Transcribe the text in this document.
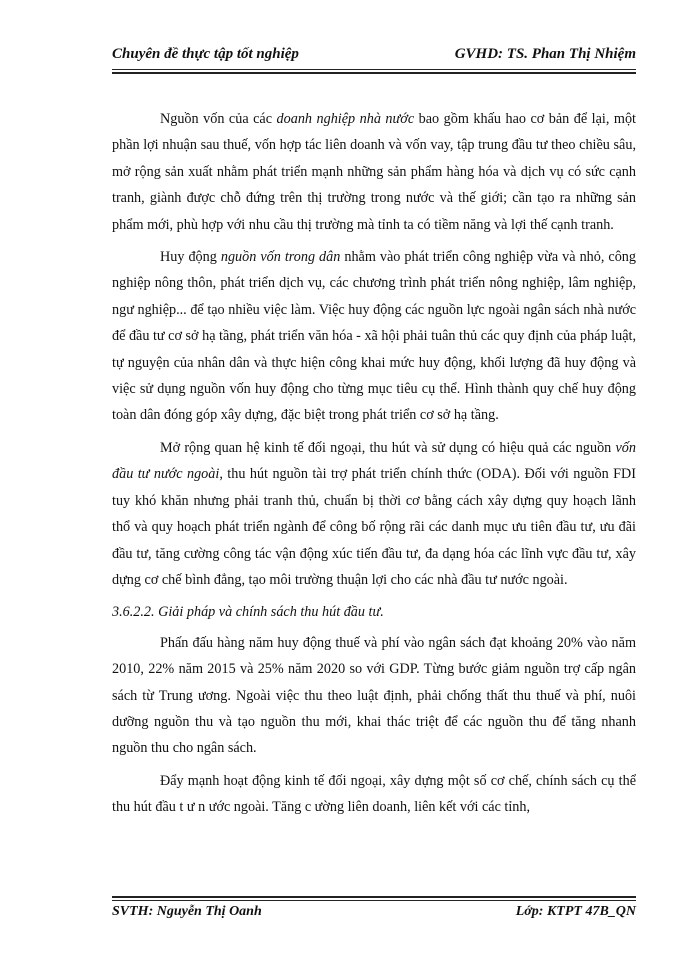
Chuyên đề thực tập tốt nghiệp	GVHD: TS. Phan Thị Nhiệm

Nguồn vốn của các doanh nghiệp nhà nước bao gồm khấu hao cơ bản để lại, một phần lợi nhuận sau thuế, vốn hợp tác liên doanh và vốn vay, tập trung đầu tư theo chiều sâu, mở rộng sản xuất nhằm phát triển mạnh những sản phẩm hàng hóa và dịch vụ có sức cạnh tranh, giành được chỗ đứng trên thị trường trong nước và thế giới; cần tạo ra những sản phẩm mới, phù hợp với nhu cầu thị trường mà tỉnh ta có tiềm năng và lợi thế cạnh tranh.

Huy động nguồn vốn trong dân nhằm vào phát triển công nghiệp vừa và nhỏ, công nghiệp nông thôn, phát triển dịch vụ, các chương trình phát triển nông nghiệp, lâm nghiệp, ngư nghiệp... để tạo nhiều việc làm. Việc huy động các nguồn lực ngoài ngân sách nhà nước để đầu tư cơ sở hạ tầng, phát triển văn hóa - xã hội phải tuân thủ các quy định của pháp luật, tự nguyện của nhân dân và thực hiện công khai mức huy động, khối lượng đã huy động và việc sử dụng nguồn vốn huy động cho từng mục tiêu cụ thể. Hình thành quy chế huy động toàn dân đóng góp xây dựng, đặc biệt trong phát triển cơ sở hạ tầng.

Mở rộng quan hệ kinh tế đối ngoại, thu hút và sử dụng có hiệu quả các nguồn vốn đầu tư nước ngoài, thu hút nguồn tài trợ phát triển chính thức (ODA). Đối với nguồn FDI tuy khó khăn nhưng phải tranh thủ, chuẩn bị thời cơ bằng cách xây dựng quy hoạch lãnh thổ và quy hoạch phát triển ngành để công bố rộng rãi các danh mục ưu tiên đầu tư, ưu đãi đầu tư, tăng cường công tác vận động xúc tiến đầu tư, đa dạng hóa các lĩnh vực đầu tư, xây dựng cơ chế bình đẳng, tạo môi trường thuận lợi cho các nhà đầu tư nước ngoài.

3.6.2.2. Giải pháp và chính sách thu hút đầu tư.

Phấn đấu hàng năm huy động thuế và phí vào ngân sách đạt khoảng 20% vào năm 2010, 22% năm 2015 và 25% năm 2020 so với GDP. Từng bước giảm nguồn trợ cấp ngân sách từ Trung ương. Ngoài việc thu theo luật định, phải chống thất thu thuế và phí, nuôi dưỡng nguồn thu và tạo nguồn thu mới, khai thác triệt để các nguồn thu để tăng nhanh nguồn thu cho ngân sách.

Đẩy mạnh hoạt động kinh tế đối ngoại, xây dựng một số cơ chế, chính sách cụ thể thu hút đầu t ư n ước ngoài. Tăng c ường liên doanh, liên kết với các tỉnh,

SVTH: Nguyễn Thị Oanh	Lớp: KTPT 47B_QN
